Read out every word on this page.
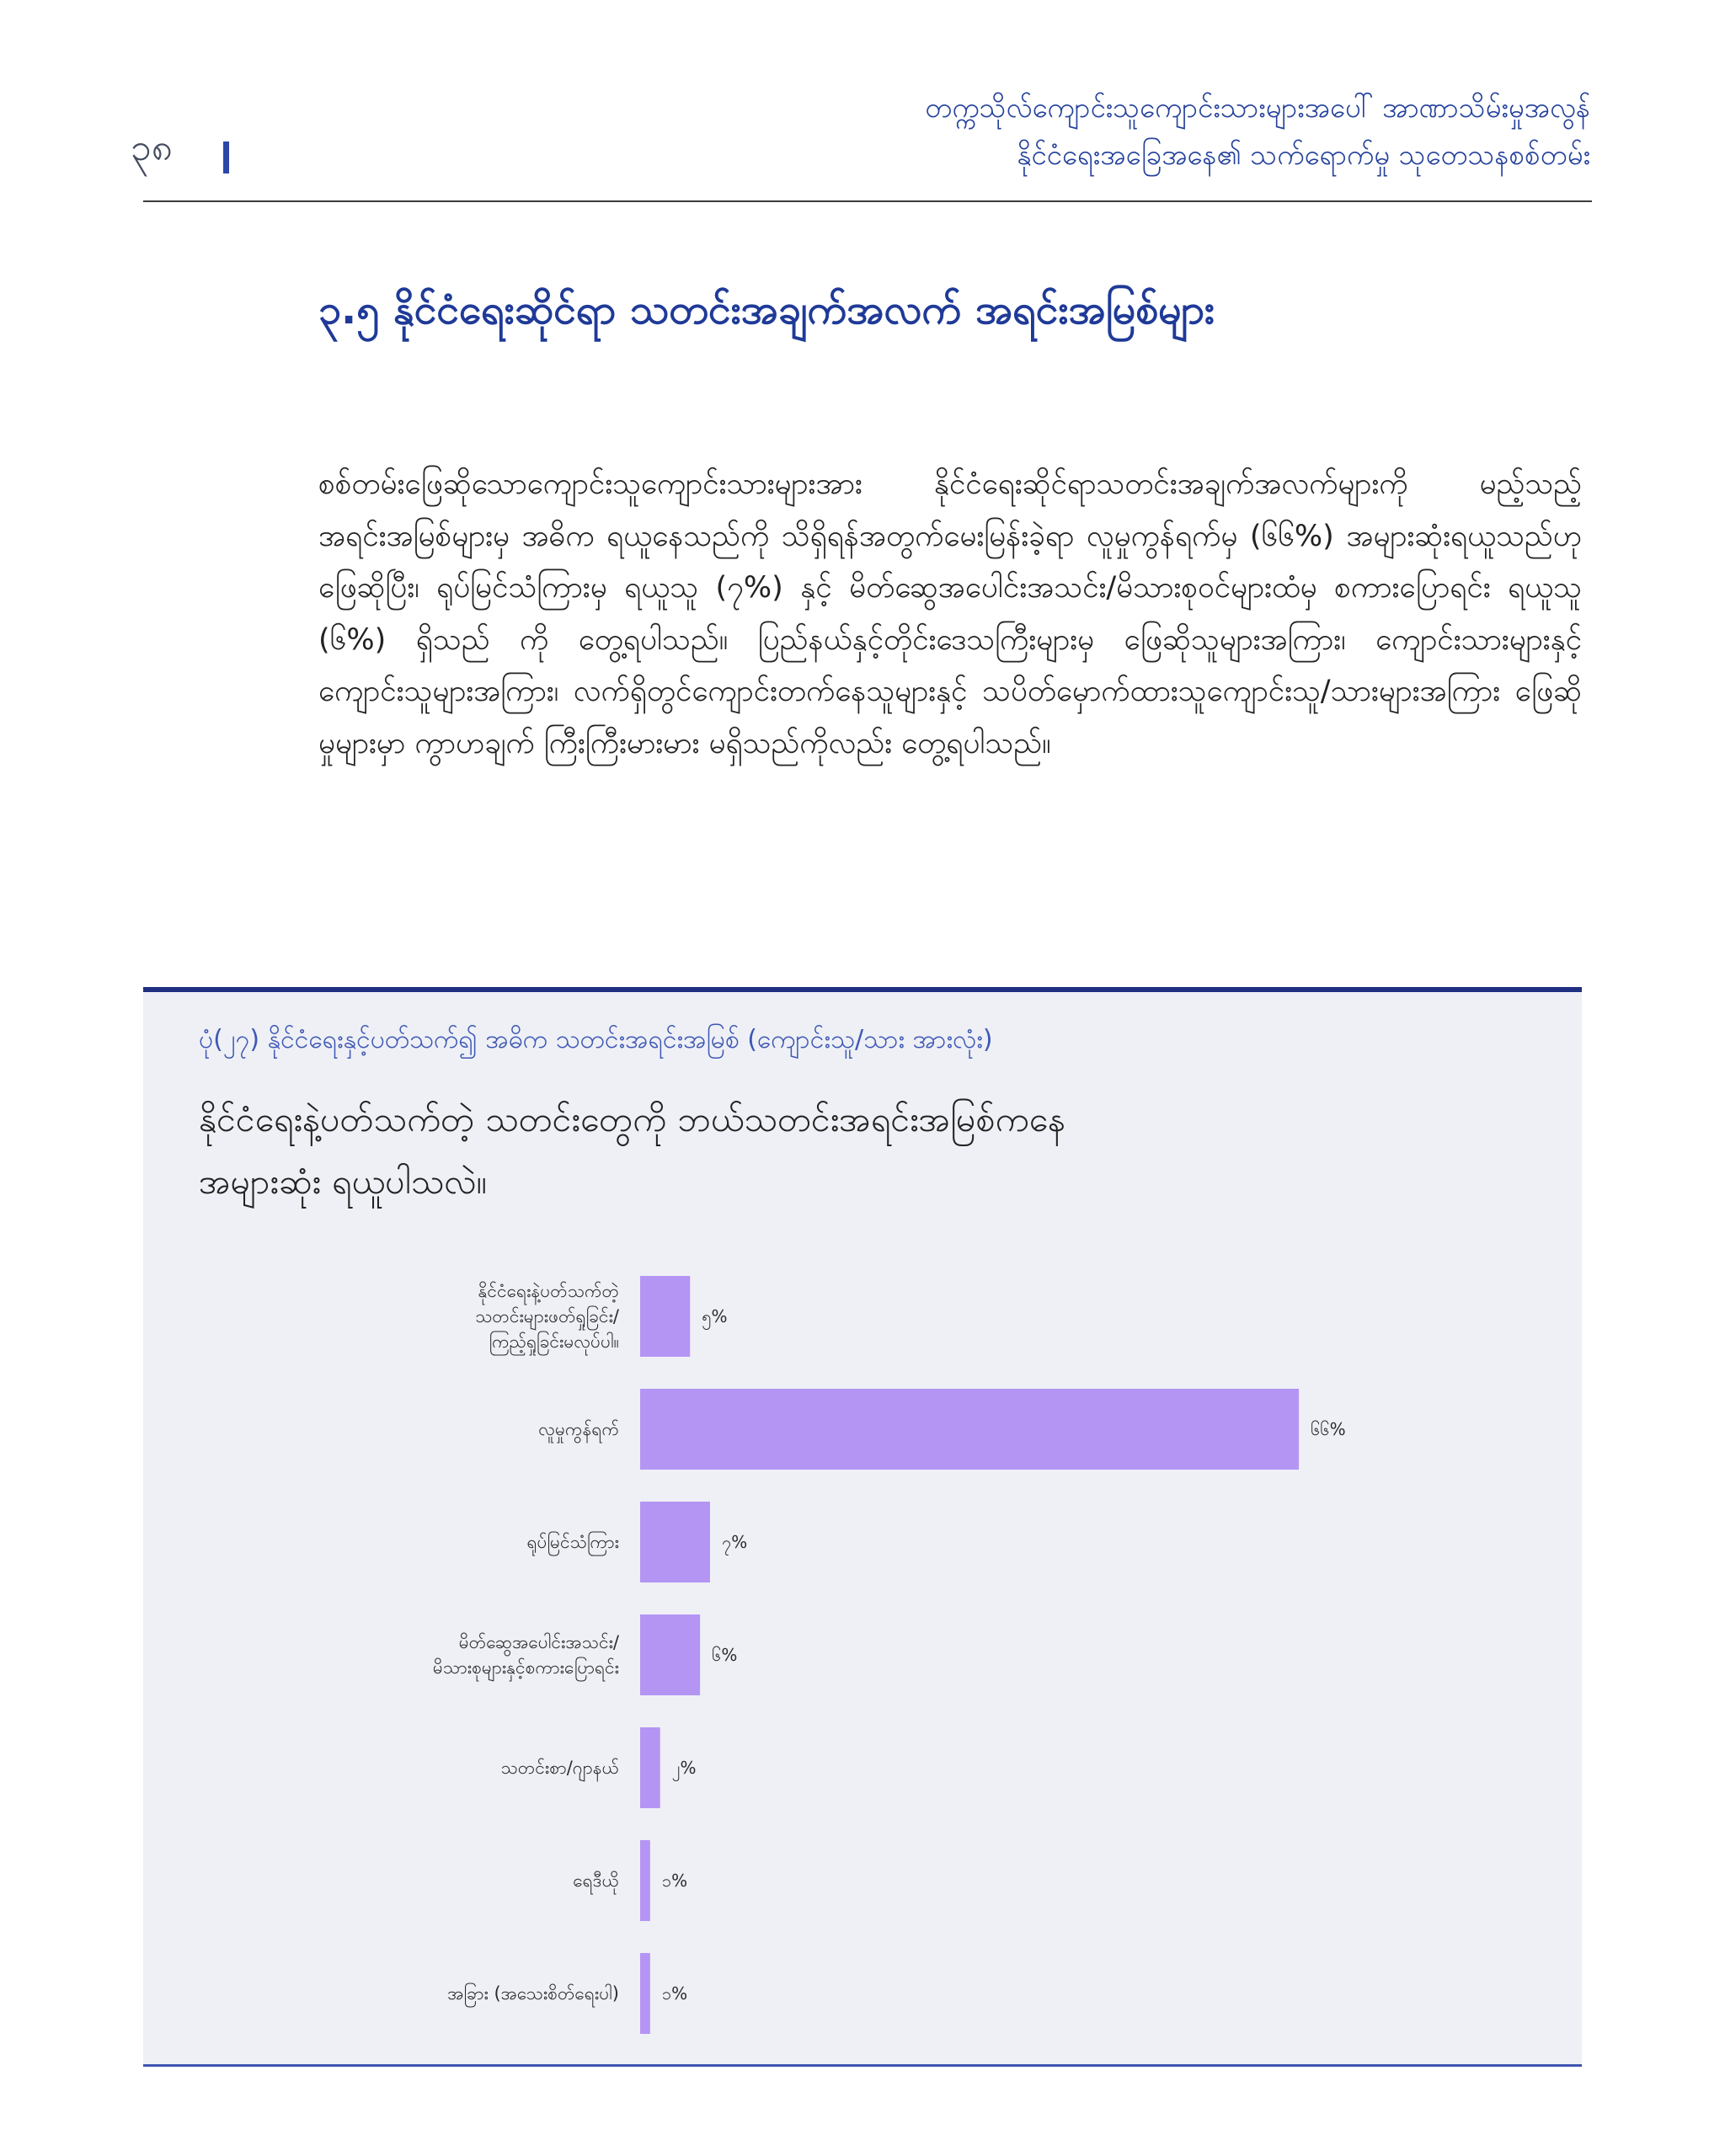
၃၈
တက္ကသိုလ်ကျောင်းသူကျောင်းသားများအပေါ် အာဏာသိမ်းမှုအလွန်
နိုင်ငံရေးအခြေအနေ၏ သက်ရောက်မှု သုတေသနစစ်တမ်း
၃.၅ နိုင်ငံရေးဆိုင်ရာ သတင်းအချက်အလက် အရင်းအမြစ်များ
စစ်တမ်းဖြေဆိုသောကျောင်းသူကျောင်းသားများအား နိုင်ငံရေးဆိုင်ရာသတင်းအချက်အလက်များကို မည့်သည့်အရင်းအမြစ်များမှ အဓိက ရယူနေသည်ကို သိရှိရန်အတွက်မေးမြန်းခဲ့ရာ လူမှုကွန်ရက်မှ (၆၆%) အများဆုံးရယူသည်ဟုဖြေဆိုပြီး၊ ရုပ်မြင်သံကြားမှ ရယူသူ (၇%) နှင့် မိတ်ဆွေအပေါင်းအသင်း/မိသားစုဝင်များထံမှ စကားပြောရင်း ရယူသူ (၆%) ရှိသည် ကို တွေ့ရပါသည်။ ပြည်နယ်နှင့်တိုင်းဒေသကြီးများမှ ဖြေဆိုသူများအကြား၊ ကျောင်းသားများနှင့် ကျောင်းသူများအကြား၊ လက်ရှိတွင်ကျောင်းတက်နေသူများနှင့် သပိတ်မှောက်ထားသူကျောင်းသူ/သားများအကြား ဖြေဆိုမှုများမှာ ကွာဟချက် ကြီးကြီးမားမား မရှိသည်ကိုလည်း တွေ့ရပါသည်။
ပုံ(၂၇) နိုင်ငံရေးနှင့်ပတ်သက်၍ အဓိက သတင်းအရင်းအမြစ် (ကျောင်းသူ/သား အားလုံး)
နိုင်ငံရေးနဲ့ပတ်သက်တဲ့ သတင်းတွေကို ဘယ်သတင်းအရင်းအမြစ်ကနေ
အများဆုံး ရယူပါသလဲ။
၅%
နိုင်ငံရေးနဲ့ပတ်သက်တဲ့
သတင်းများဖတ်ရှုခြင်း/
ကြည့်ရှုခြင်းမလုပ်ပါ။
၆၆%
လူမှုကွန်ရက်
၇%
ရုပ်မြင်သံကြား
၆%
မိတ်ဆွေအပေါင်းအသင်း/
မိသားစုများနှင့်စကားပြောရင်း
၂%
သတင်းစာ/ဂျာနယ်
၁%
ရေဒီယို
၁%
အခြား (အသေးစိတ်ရေးပါ)
